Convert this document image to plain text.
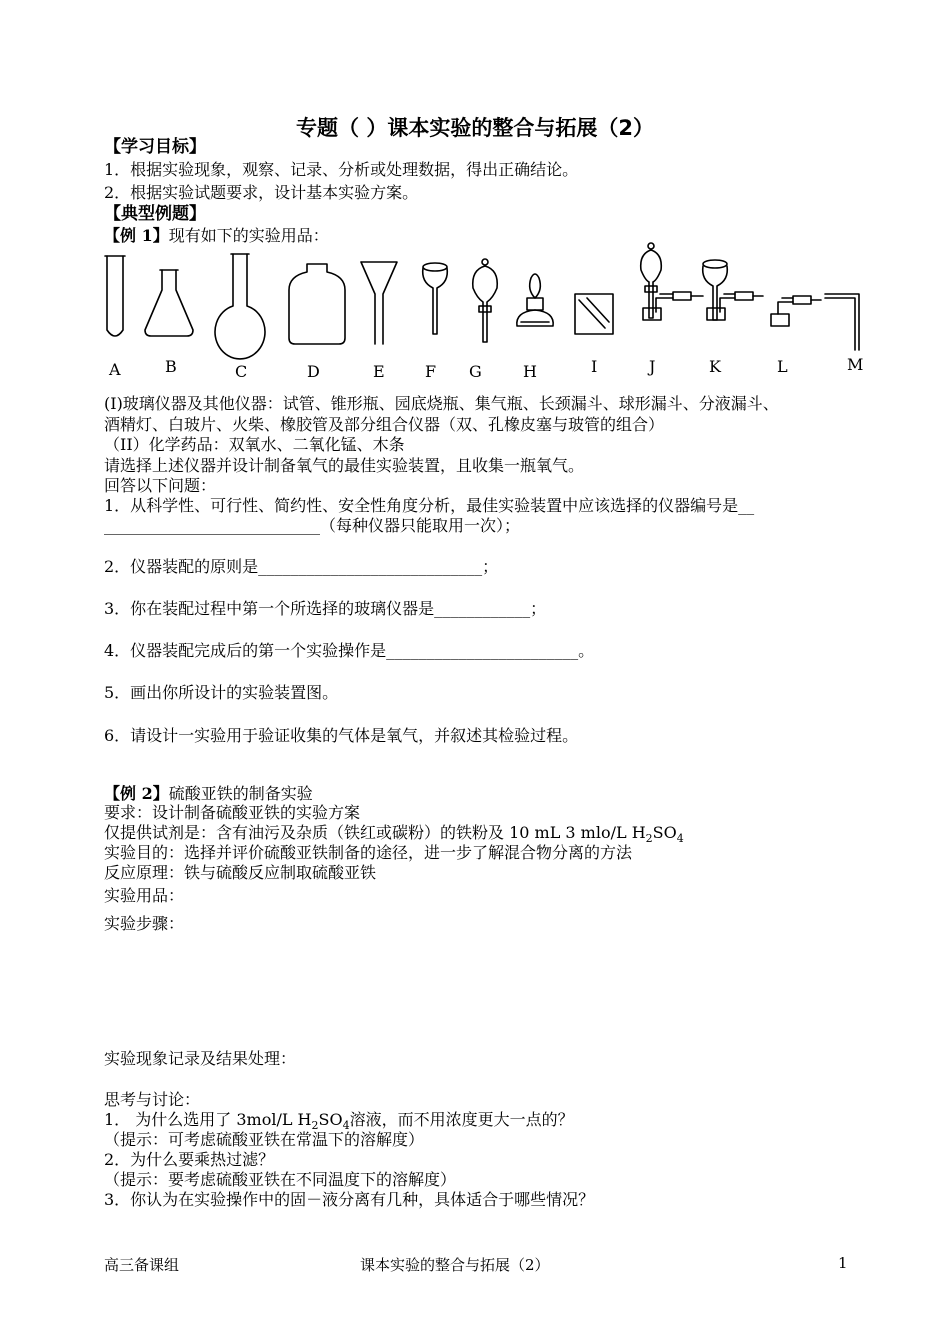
专题（ ）课本实验的整合与拓展（2）
【学习目标】
1．根据实验现象，观察、记录、分析或处理数据，得出正确结论。
2．根据实验试题要求，设计基本实验方案。
【典型例题】
【例 1】现有如下的实验用品：
A	B	C	D	E	F G	H	I	J	K	L	M
(I)玻璃仪器及其他仪器：试管、锥形瓶、园底烧瓶、集气瓶、长颈漏斗、球形漏斗、分液漏斗、
酒精灯、白玻片、火柴、橡胶管及部分组合仪器（双、孔橡皮塞与玻管的组合）
（II）化学药品：双氧水、二氧化锰、木条
请选择上述仪器并设计制备氧气的最佳实验装置，且收集一瓶氧气。
回答以下问题：
1．从科学性、可行性、简约性、安全性角度分析，最佳实验装置中应该选择的仪器编号是__
___________________________（每种仪器只能取用一次）；
2．仪器装配的原则是____________________________；
3．你在装配过程中第一个所选择的玻璃仪器是____________；
4．仪器装配完成后的第一个实验操作是________________________。
5．画出你所设计的实验装置图。
6．请设计一实验用于验证收集的气体是氧气，并叙述其检验过程。
【例 2】硫酸亚铁的制备实验
要求：设计制备硫酸亚铁的实验方案
仅提供试剂是：含有油污及杂质（铁红或碳粉）的铁粉及 10 mL 3 mlo/L $H_2SO_4$
实验目的：选择并评价硫酸亚铁制备的途径，进一步了解混合物分离的方法
反应原理：铁与硫酸反应制取硫酸亚铁
实验用品：
实验步骤：
实验现象记录及结果处理：
思考与讨论：
1． 为什么选用了 3mol/L $H_2SO_4$溶液，而不用浓度更大一点的？
（提示：可考虑硫酸亚铁在常温下的溶解度）
2．为什么要乘热过滤？
（提示：要考虑硫酸亚铁在不同温度下的溶解度）
3．你认为在实验操作中的固－液分离有几种，具体适合于哪些情况？
高三备课组	课本实验的整合与拓展（2）	1
